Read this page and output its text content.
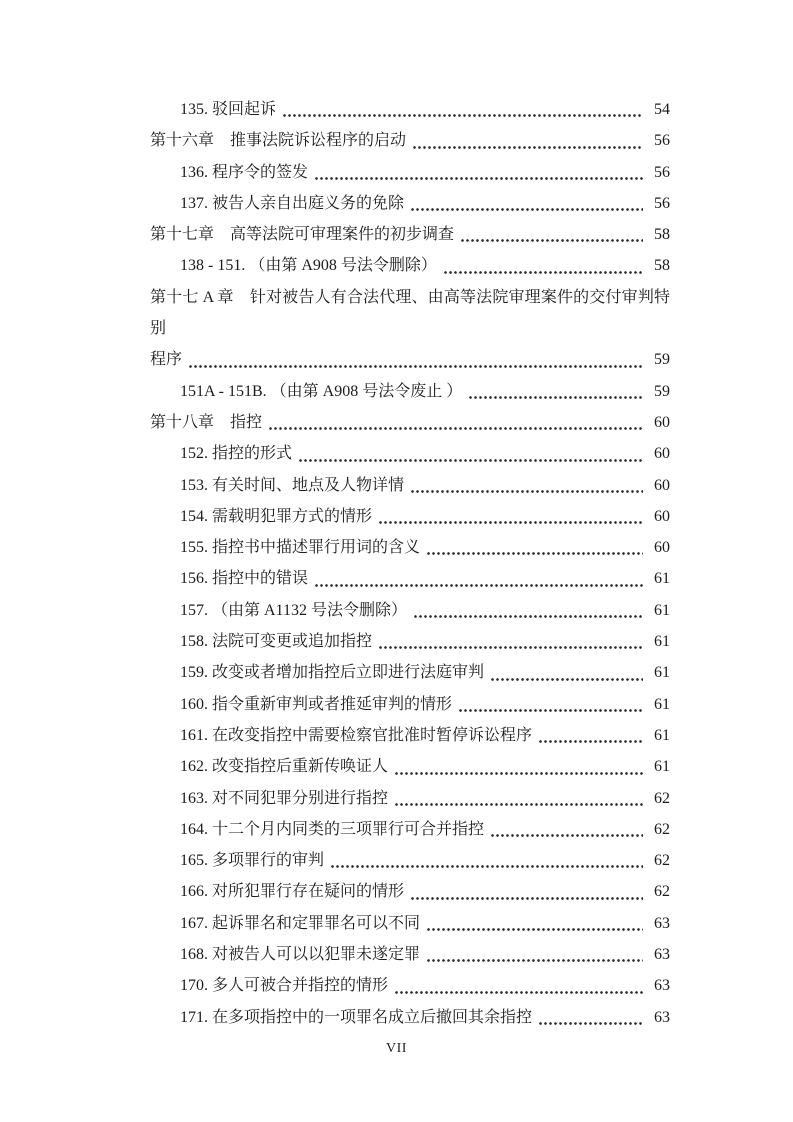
135. 驳回起诉	54
第十六章　推事法院诉讼程序的启动	56
136. 程序令的签发	56
137. 被告人亲自出庭义务的免除	56
第十七章　高等法院可审理案件的初步调查	58
138 - 151. （由第 A908 号法令删除）	58
第十七 A 章　针对被告人有合法代理、由高等法院审理案件的交付审判特别
程序	59
151A - 151B. （由第 A908 号法令废止 ）	59
第十八章　指控	60
152. 指控的形式	60
153. 有关时间、地点及人物详情	60
154. 需载明犯罪方式的情形	60
155. 指控书中描述罪行用词的含义	60
156. 指控中的错误	61
157. （由第 A1132 号法令删除）	61
158. 法院可变更或追加指控	61
159. 改变或者增加指控后立即进行法庭审判	61
160. 指令重新审判或者推延审判的情形	61
161. 在改变指控中需要检察官批准时暂停诉讼程序	61
162. 改变指控后重新传唤证人	61
163. 对不同犯罪分别进行指控	62
164. 十二个月内同类的三项罪行可合并指控	62
165. 多项罪行的审判	62
166. 对所犯罪行存在疑问的情形	62
167. 起诉罪名和定罪罪名可以不同	63
168. 对被告人可以以犯罪未遂定罪	63
170. 多人可被合并指控的情形	63
171. 在多项指控中的一项罪名成立后撤回其余指控	63
VII
